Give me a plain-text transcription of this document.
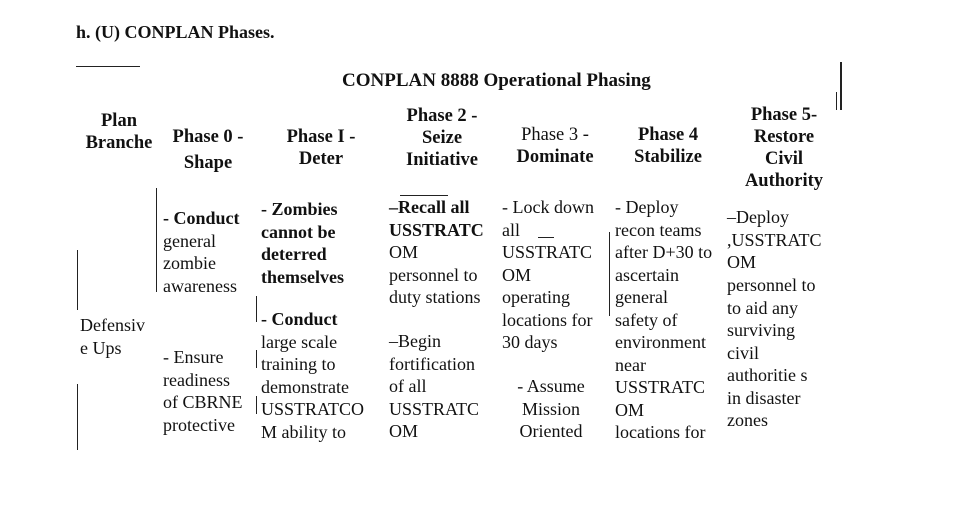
h. (U) CONPLAN Phases.
CONPLAN 8888 Operational Phasing
Plan
Branche	Phase 0 -
Shape
Phase I -
Deter
Phase 2 -
Seize
Initiative
Phase 3 -
Dominate
Phase 4
Stabilize
Phase 5-
Restore
Civil
Authority
Defensiv
e Ups
- Conduct
general
zombie
awareness
- Ensure
readiness
of CBRNE
protective
- Zombies
cannot be
deterred
themselves
- Conduct
large scale
training to
demonstrate
USSTRATCO
M ability to
–Recall all
USSTRATC
OM
personnel to
duty stations
–Begin
fortification
of all
USSTRATC
OM
- Lock down
all
USSTRATC
OM
operating
locations for
30 days
- Assume
Mission
Oriented
- Deploy
recon teams
after D+30 to
ascertain
general
safety of
environment
near
USSTRATC
OM
locations for
–Deploy
,USSTRATC
OM
personnel to
to aid any
surviving
civil
authoritie s
in disaster
zones
